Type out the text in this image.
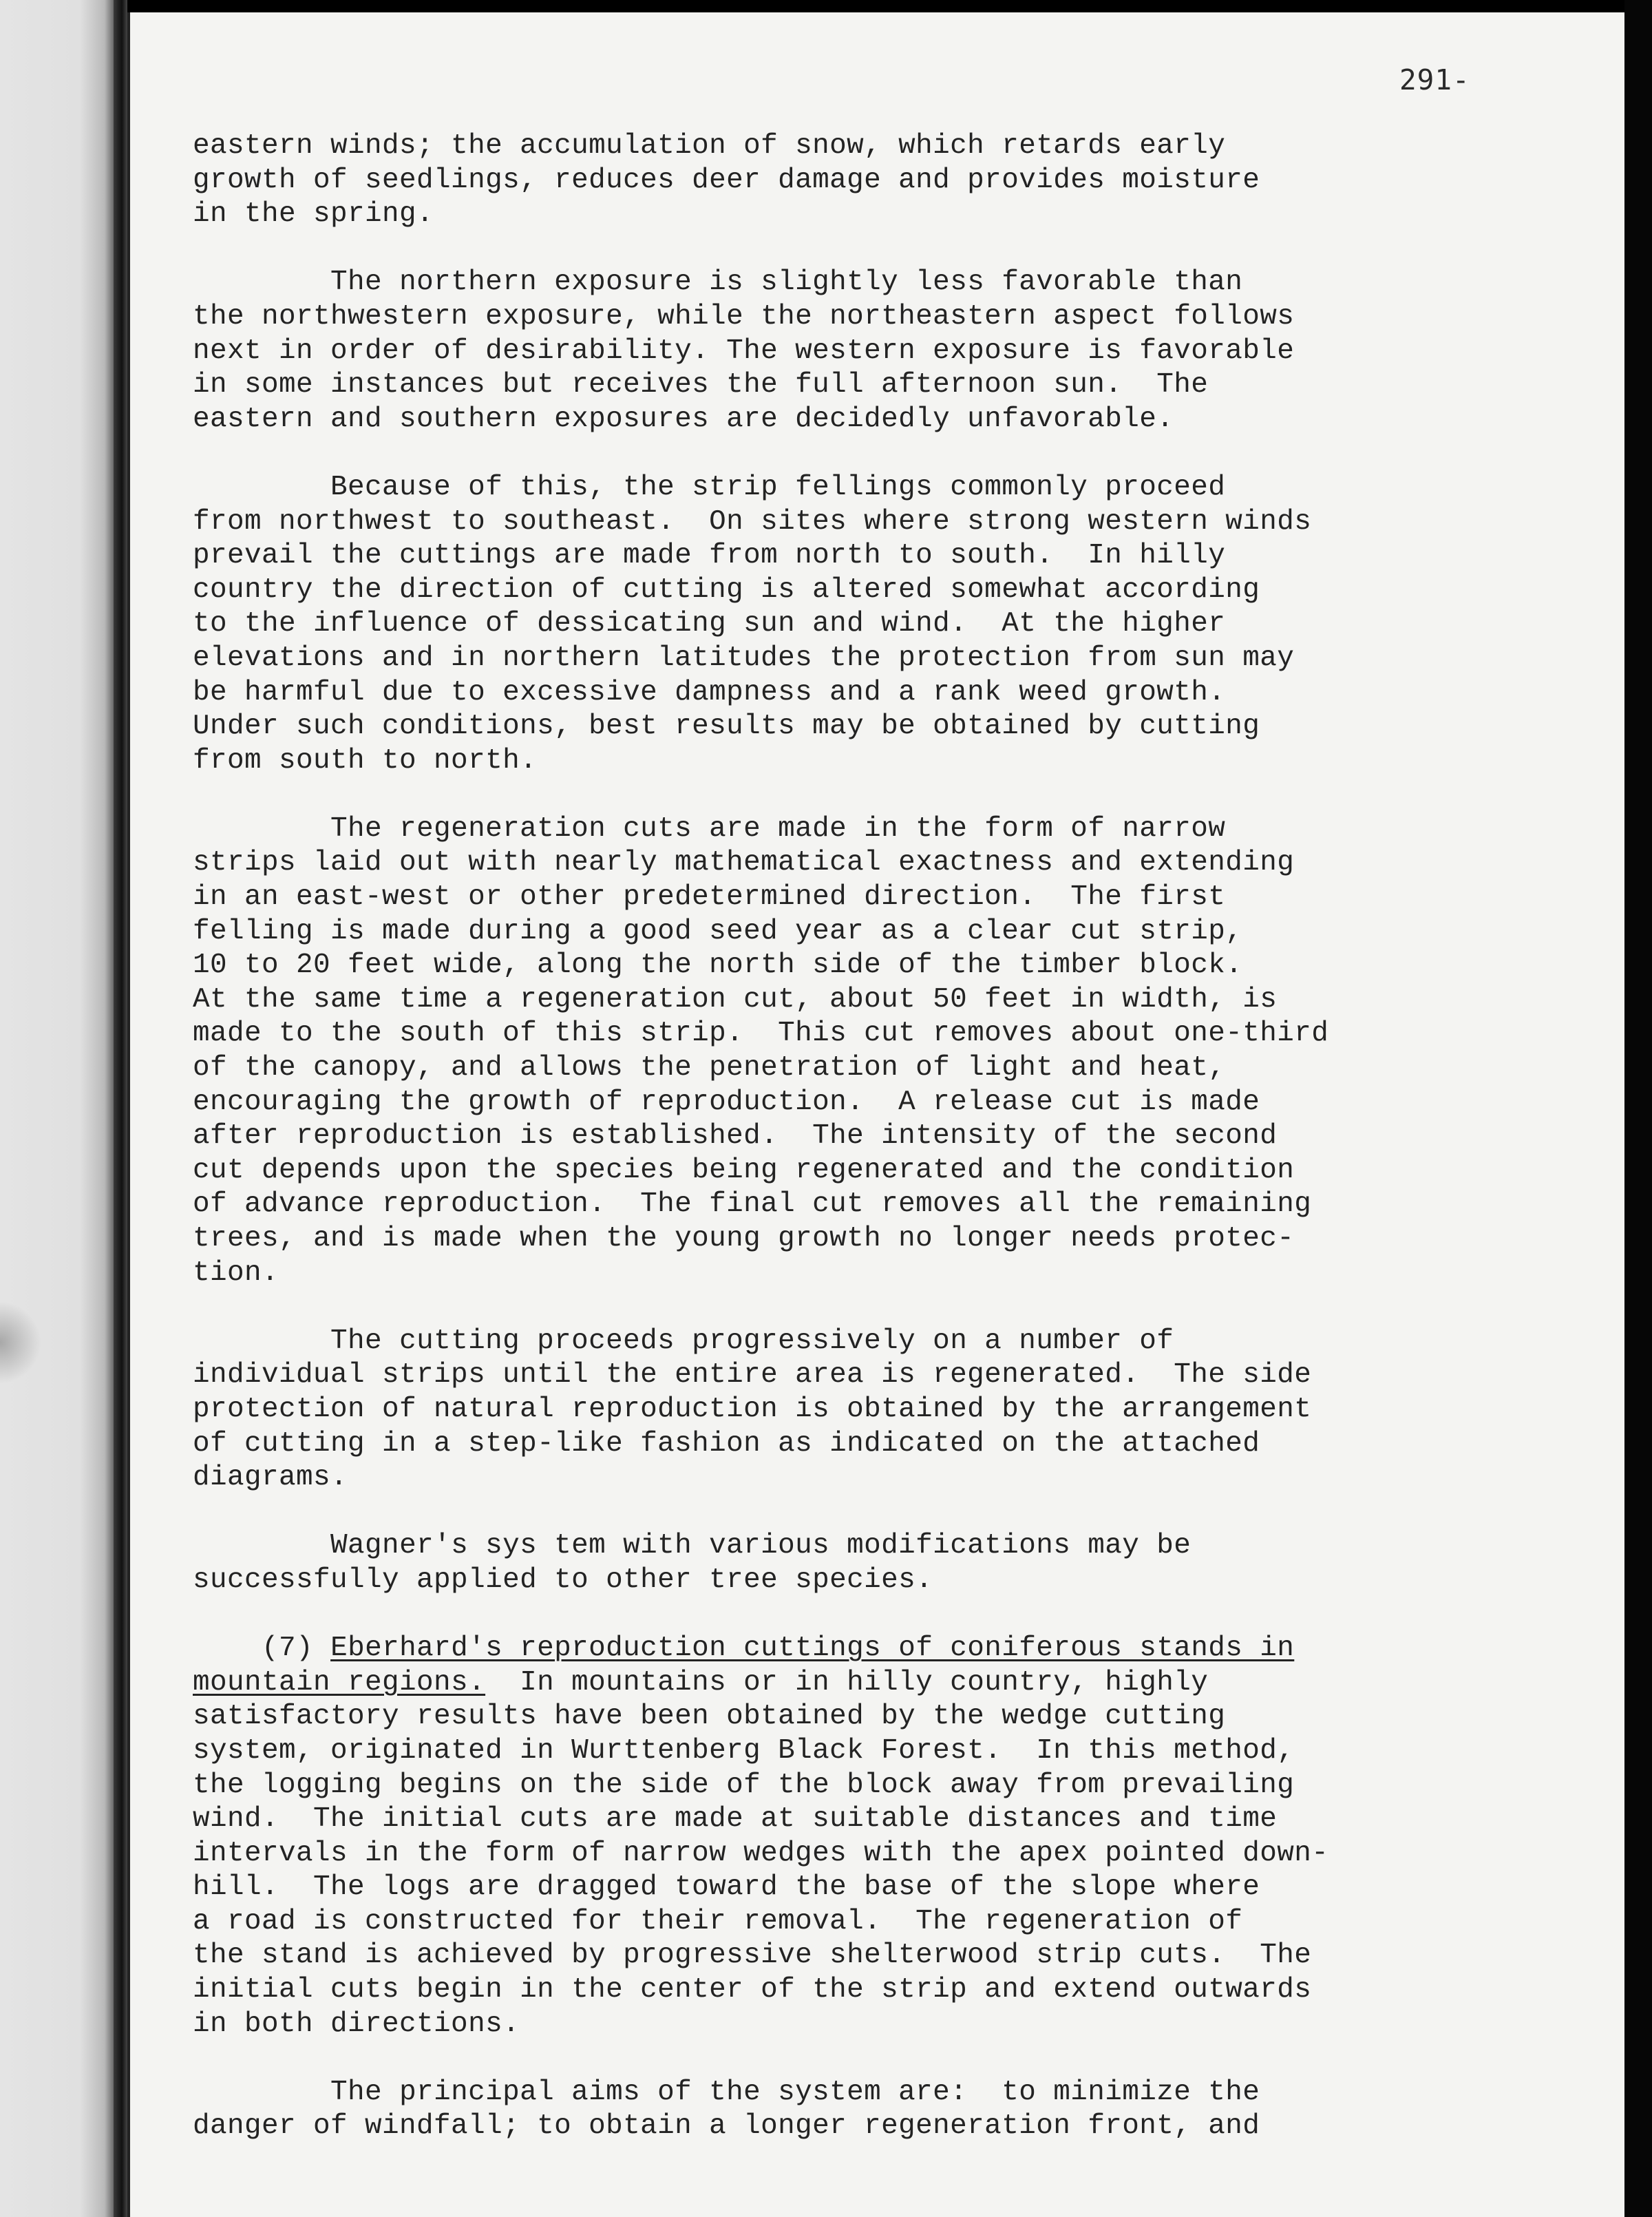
291-

eastern winds; the accumulation of snow, which retards early
growth of seedlings, reduces deer damage and provides moisture
in the spring.

The northern exposure is slightly less favorable than
the northwestern exposure, while the northeastern aspect follows
next in order of desirability. The western exposure is favorable
in some instances but receives the full afternoon sun.  The
eastern and southern exposures are decidedly unfavorable.

Because of this, the strip fellings commonly proceed
from northwest to southeast.  On sites where strong western winds
prevail the cuttings are made from north to south.  In hilly
country the direction of cutting is altered somewhat according
to the influence of dessicating sun and wind.  At the higher
elevations and in northern latitudes the protection from sun may
be harmful due to excessive dampness and a rank weed growth.
Under such conditions, best results may be obtained by cutting
from south to north.

The regeneration cuts are made in the form of narrow
strips laid out with nearly mathematical exactness and extending
in an east-west or other predetermined direction.  The first
felling is made during a good seed year as a clear cut strip,
10 to 20 feet wide, along the north side of the timber block.
At the same time a regeneration cut, about 50 feet in width, is
made to the south of this strip.  This cut removes about one-third
of the canopy, and allows the penetration of light and heat,
encouraging the growth of reproduction.  A release cut is made
after reproduction is established.  The intensity of the second
cut depends upon the species being regenerated and the condition
of advance reproduction.  The final cut removes all the remaining
trees, and is made when the young growth no longer needs protec-
tion.

The cutting proceeds progressively on a number of
individual strips until the entire area is regenerated.  The side
protection of natural reproduction is obtained by the arrangement
of cutting in a step-like fashion as indicated on the attached
diagrams.

Wagner's sys tem with various modifications may be
successfully applied to other tree species.

(7) Eberhard's reproduction cuttings of coniferous stands in
mountain regions.  In mountains or in hilly country, highly
satisfactory results have been obtained by the wedge cutting
system, originated in Wurttenberg Black Forest.  In this method,
the logging begins on the side of the block away from prevailing
wind.  The initial cuts are made at suitable distances and time
intervals in the form of narrow wedges with the apex pointed down-
hill.  The logs are dragged toward the base of the slope where
a road is constructed for their removal.  The regeneration of
the stand is achieved by progressive shelterwood strip cuts.  The
initial cuts begin in the center of the strip and extend outwards
in both directions.

The principal aims of the system are:  to minimize the
danger of windfall; to obtain a longer regeneration front, and
